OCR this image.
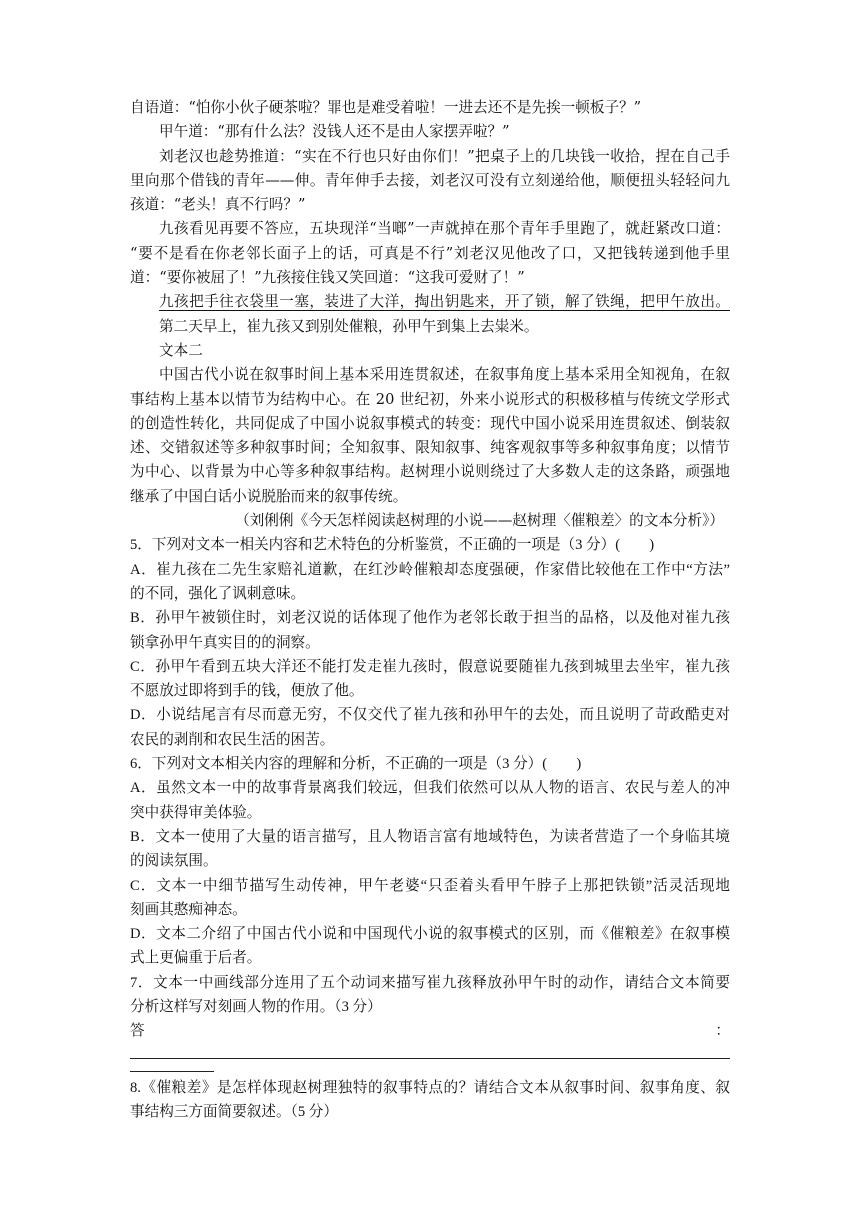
自语道：“怕你小伙子硬茶啦？罪也是难受着啦！一进去还不是先挨一顿板子？”
甲午道：“那有什么法？没钱人还不是由人家摆弄啦？”
刘老汉也趁势推道：“实在不行也只好由你们！”把桌子上的几块钱一收拾，捏在自己手
里向那个借钱的青年——伸。青年伸手去接，刘老汉可没有立刻递给他，顺便扭头轻轻问九
孩道：“老头！真不行吗？”
九孩看见再要不答应，五块现洋“当啷”一声就掉在那个青年手里跑了，就赶紧改口道：
“要不是看在你老邻长面子上的话，可真是不行”刘老汉见他改了口，又把钱转递到他手里
道：“要你被屈了！”九孩接住钱又笑回道：“这我可爱财了！”
九孩把手往衣袋里一塞，装进了大洋，掏出钥匙来，开了锁，解了铁绳，把甲午放出。
第二天早上，崔九孩又到别处催粮，孙甲午到集上去粜米。
文本二
中国古代小说在叙事时间上基本采用连贯叙述，在叙事角度上基本采用全知视角，在叙
事结构上基本以情节为结构中心。在 20 世纪初，外来小说形式的积极移植与传统文学形式
的创造性转化，共同促成了中国小说叙事模式的转变：现代中国小说采用连贯叙述、倒装叙
述、交错叙述等多种叙事时间；全知叙事、限知叙事、纯客观叙事等多种叙事角度；以情节
为中心、以背景为中心等多种叙事结构。赵树理小说则绕过了大多数人走的这条路，顽强地
继承了中国白话小说脱胎而来的叙事传统。
（刘俐俐《今天怎样阅读赵树理的小说——赵树理〈催粮差〉的文本分析》）
5．下列对文本一相关内容和艺术特色的分析鉴赏，不正确的一项是（3 分）(　　)
A．崔九孩在二先生家赔礼道歉，在红沙岭催粮却态度强硬，作家借比较他在工作中“方法”
的不同，强化了讽刺意味。
B．孙甲午被锁住时，刘老汉说的话体现了他作为老邻长敢于担当的品格，以及他对崔九孩
锁拿孙甲午真实目的的洞察。
C．孙甲午看到五块大洋还不能打发走崔九孩时，假意说要随崔九孩到城里去坐牢，崔九孩
不愿放过即将到手的钱，便放了他。
D．小说结尾言有尽而意无穷，不仅交代了崔九孩和孙甲午的去处，而且说明了苛政酷吏对
农民的剥削和农民生活的困苦。
6．下列对文本相关内容的理解和分析，不正确的一项是（3 分）(　　)
A．虽然文本一中的故事背景离我们较远，但我们依然可以从人物的语言、农民与差人的冲
突中获得审美体验。
B．文本一使用了大量的语言描写，且人物语言富有地域特色，为读者营造了一个身临其境
的阅读氛围。
C．文本一中细节描写生动传神，甲午老婆“只歪着头看甲午脖子上那把铁锁”活灵活现地
刻画其憨痴神态。
D．文本二介绍了中国古代小说和中国现代小说的叙事模式的区别，而《催粮差》在叙事模
式上更偏重于后者。
7．文本一中画线部分连用了五个动词来描写崔九孩释放孙甲午时的动作，请结合文本简要
分析这样写对刻画人物的作用。（3 分）
答	：
8.《催粮差》是怎样体现赵树理独特的叙事特点的？请结合文本从叙事时间、叙事角度、叙
事结构三方面简要叙述。（5 分）
